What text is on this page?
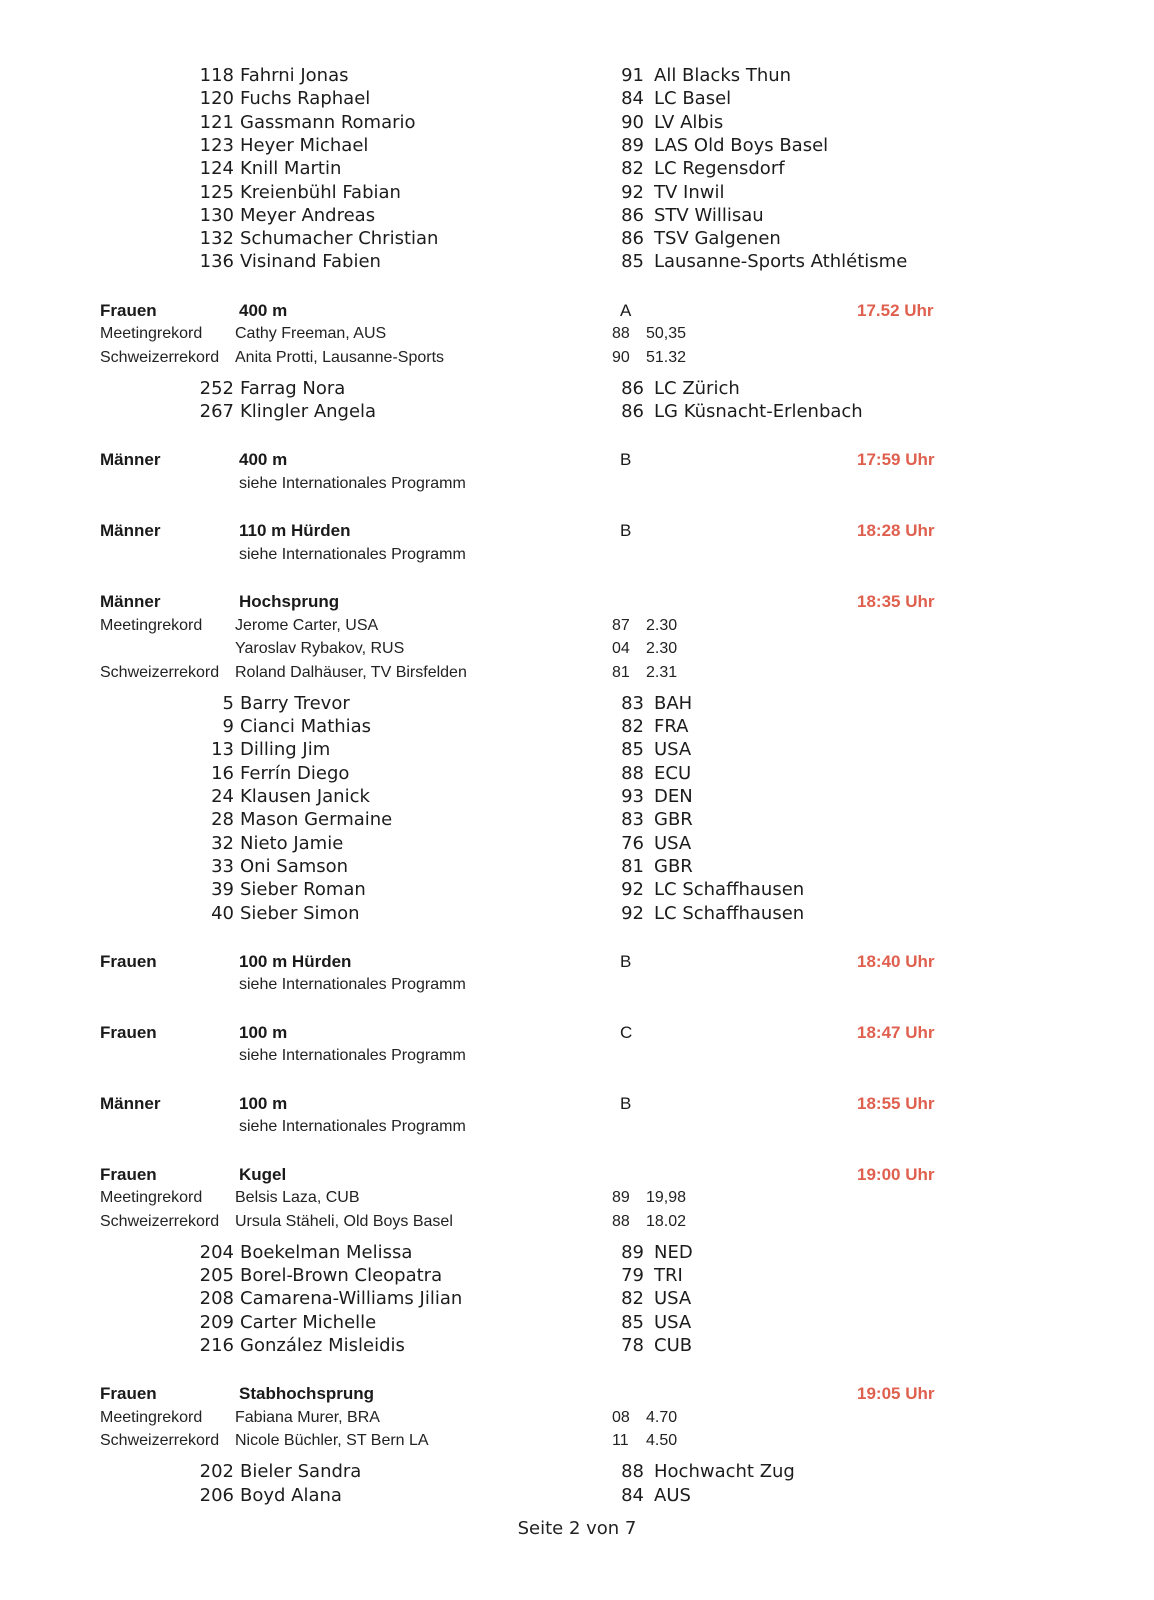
118 Fahrni Jonas	91 All Blacks Thun
120 Fuchs Raphael	84 LC Basel
121 Gassmann Romario	90 LV Albis
123 Heyer Michael	89 LAS Old Boys Basel
124 Knill Martin	82 LC Regensdorf
125 Kreienbühl Fabian	92 TV Inwil
130 Meyer Andreas	86 STV Willisau
132 Schumacher Christian	86 TSV Galgenen
136 Visinand Fabien	85 Lausanne-Sports Athlétisme
Frauen	400 m	A	17.52 Uhr
Meetingrekord Cathy Freeman, AUS	88 50,35
Schweizerrekord Anita Protti, Lausanne-Sports	90 51.32
252 Farrag Nora	86 LC Zürich
267 Klingler Angela	86 LG Küsnacht-Erlenbach
Männer	400 m	B	17:59 Uhr
siehe Internationales Programm
Männer	110 m Hürden	B	18:28 Uhr
siehe Internationales Programm
Männer	Hochsprung	18:35 Uhr
Meetingrekord Jerome Carter, USA	87 2.30
Yaroslav Rybakov, RUS	04 2.30
Schweizerrekord Roland Dalhäuser, TV Birsfelden	81 2.31
5 Barry Trevor	83 BAH
9 Cianci Mathias	82 FRA
13 Dilling Jim	85 USA
16 Ferrín Diego	88 ECU
24 Klausen Janick	93 DEN
28 Mason Germaine	83 GBR
32 Nieto Jamie	76 USA
33 Oni Samson	81 GBR
39 Sieber Roman	92 LC Schaffhausen
40 Sieber Simon	92 LC Schaffhausen
Frauen	100 m Hürden	B	18:40 Uhr
siehe Internationales Programm
Frauen	100 m	C	18:47 Uhr
siehe Internationales Programm
Männer	100 m	B	18:55 Uhr
siehe Internationales Programm
Frauen	Kugel	19:00 Uhr
Meetingrekord Belsis Laza, CUB	89 19,98
Schweizerrekord Ursula Stäheli, Old Boys Basel	88 18.02
204 Boekelman Melissa	89 NED
205 Borel-Brown Cleopatra	79 TRI
208 Camarena-Williams Jilian	82 USA
209 Carter Michelle	85 USA
216 González Misleidis	78 CUB
Frauen	Stabhochsprung	19:05 Uhr
Meetingrekord Fabiana Murer, BRA	08 4.70
Schweizerrekord Nicole Büchler, ST Bern LA	11 4.50
202 Bieler Sandra	88 Hochwacht Zug
206 Boyd Alana	84 AUS
Seite 2 von 7
